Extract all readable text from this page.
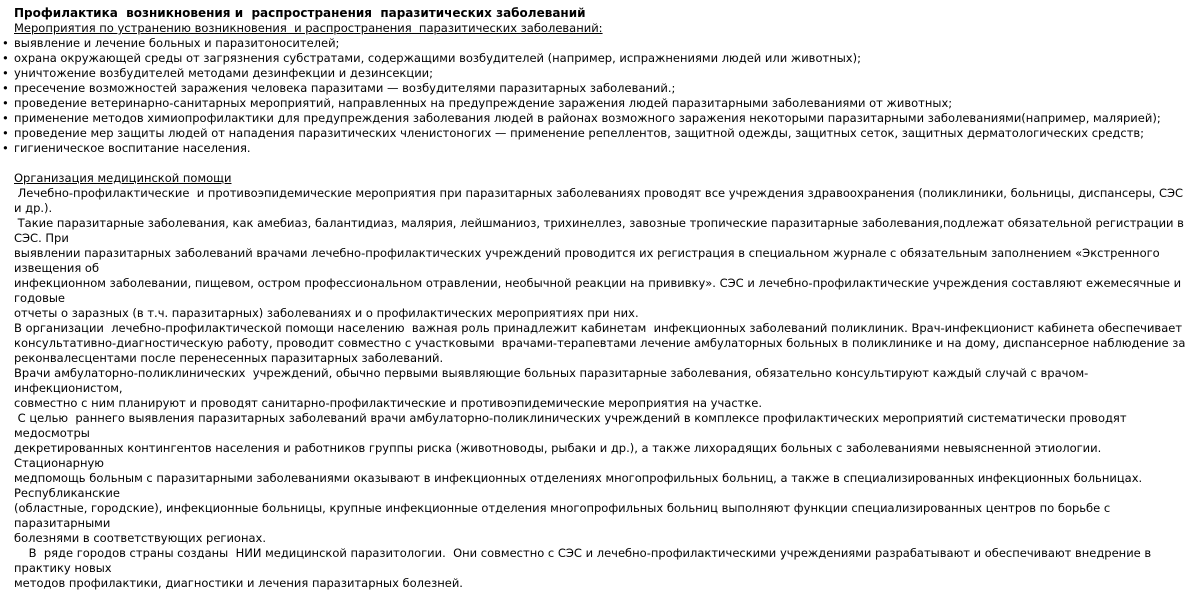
Профилактика  возникновения и  распространения  паразитических заболеваний

Мероприятия по устранению возникновения  и распространения  паразитических заболеваний:

• выявление и лечение больных и паразитоносителей;
• охрана окружающей среды от загрязнения субстратами, содержащими возбудителей (например, испражнениями людей или животных);
• уничтожение возбудителей методами дезинфекции и дезинсекции;
• пресечение возможностей заражения человека паразитами — возбудителями паразитарных заболеваний.;
• проведение ветеринарно-санитарных мероприятий, направленных на предупреждение заражения людей паразитарными заболеваниями от животных;
• применение методов химиопрофилактики для предупреждения заболевания людей в районах возможного заражения некоторыми паразитарными заболеваниями(например, малярией);
• проведение мер защиты людей от нападения паразитических членистоногих — применение репеллентов, защитной одежды, защитных сеток, защитных дерматологических средств;
• гигиеническое воспитание населения.

Организация медицинской помощи

Лечебно-профилактические  и противоэпидемические мероприятия при паразитарных заболеваниях проводят все учреждения здравоохранения (поликлиники, больницы, диспансеры, СЭС и др.).
Такие паразитарные заболевания, как амебиаз, балантидиаз, малярия, лейшманиоз, трихинеллез, завозные тропические паразитарные заболевания,подлежат обязательной регистрации в СЭС. При
выявлении паразитарных заболеваний врачами лечебно-профилактических учреждений проводится их регистрация в специальном журнале с обязательным заполнением «Экстренного извещения об
инфекционном заболевании, пищевом, остром профессиональном отравлении, необычной реакции на прививку». СЭС и лечебно-профилактические учреждения составляют ежемесячные и годовые
отчеты о заразных (в т.ч. паразитарных) заболеваниях и о профилактических мероприятиях при них.

В организации  лечебно-профилактической помощи населению  важная роль принадлежит кабинетам  инфекционных заболеваний поликлиник. Врач-инфекционист кабинета обеспечивает
консультативно-диагностическую работу, проводит совместно с участковыми  врачами-терапевтами лечение амбулаторных больных в поликлинике и на дому, диспансерное наблюдение за
реконвалесцентами после перенесенных паразитарных заболеваний.

Врачи амбулаторно-поликлинических  учреждений, обычно первыми выявляющие больных паразитарные заболевания, обязательно консультируют каждый случай с врачом-инфекционистом,
совместно с ним планируют и проводят санитарно-профилактические и противоэпидемические мероприятия на участке.

С целью  раннего выявления паразитарных заболеваний врачи амбулаторно-поликлинических учреждений в комплексе профилактических мероприятий систематически проводят медосмотры
декретированных контингентов населения и работников группы риска (животноводы, рыбаки и др.), а также лихорадящих больных с заболеваниями невыясненной этиологии. Стационарную
медпомощь больным с паразитарными заболеваниями оказывают в инфекционных отделениях многопрофильных больниц, а также в специализированных инфекционных больницах. Республиканские
(областные, городские), инфекционные больницы, крупные инфекционные отделения многопрофильных больниц выполняют функции специализированных центров по борьбе с паразитарными
болезнями в соответствующих регионах.

В  ряде городов страны созданы  НИИ медицинской паразитологии.  Они совместно с СЭС и лечебно-профилактическими учреждениями разрабатывают и обеспечивают внедрение в практику новых
методов профилактики, диагностики и лечения паразитарных болезней.
